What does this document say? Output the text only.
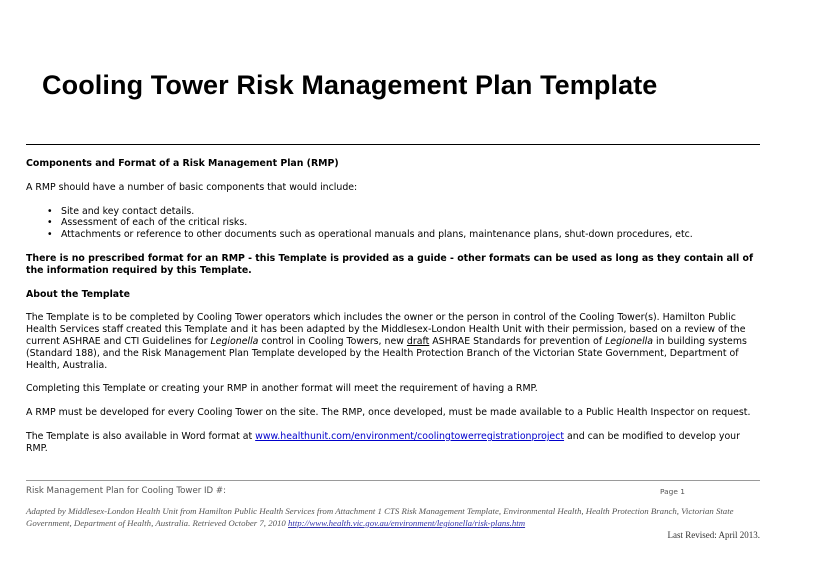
Cooling Tower Risk Management Plan Template
Components and Format of a Risk Management Plan (RMP)

A RMP should have a number of basic components that would include:

• Site and key contact details.
• Assessment of each of the critical risks.
• Attachments or reference to other documents such as operational manuals and plans, maintenance plans, shut-down procedures, etc.

There is no prescribed format for an RMP - this Template is provided as a guide - other formats can be used as long as they contain all of the information required by this Template.

About the Template

The Template is to be completed by Cooling Tower operators which includes the owner or the person in control of the Cooling Tower(s). Hamilton Public Health Services staff created this Template and it has been adapted by the Middlesex-London Health Unit with their permission, based on a review of the current ASHRAE and CTI Guidelines for Legionella control in Cooling Towers, new draft ASHRAE Standards for prevention of Legionella in building systems (Standard 188), and the Risk Management Plan Template developed by the Health Protection Branch of the Victorian State Government, Department of Health, Australia.

Completing this Template or creating your RMP in another format will meet the requirement of having a RMP.

A RMP must be developed for every Cooling Tower on the site. The RMP, once developed, must be made available to a Public Health Inspector on request.

The Template is also available in Word format at www.healthunit.com/environment/coolingtowerregistrationproject and can be modified to develop your RMP.

Risk Management Plan for Cooling Tower ID #:	Page 1
Adapted by Middlesex-London Health Unit from Hamilton Public Health Services from Attachment 1 CTS Risk Management Template, Environmental Health, Health Protection Branch, Victorian State Government, Department of Health, Australia. Retrieved October 7, 2010 http://www.health.vic.gov.au/environment/legionella/risk-plans.htm
Last Revised: April 2013.
